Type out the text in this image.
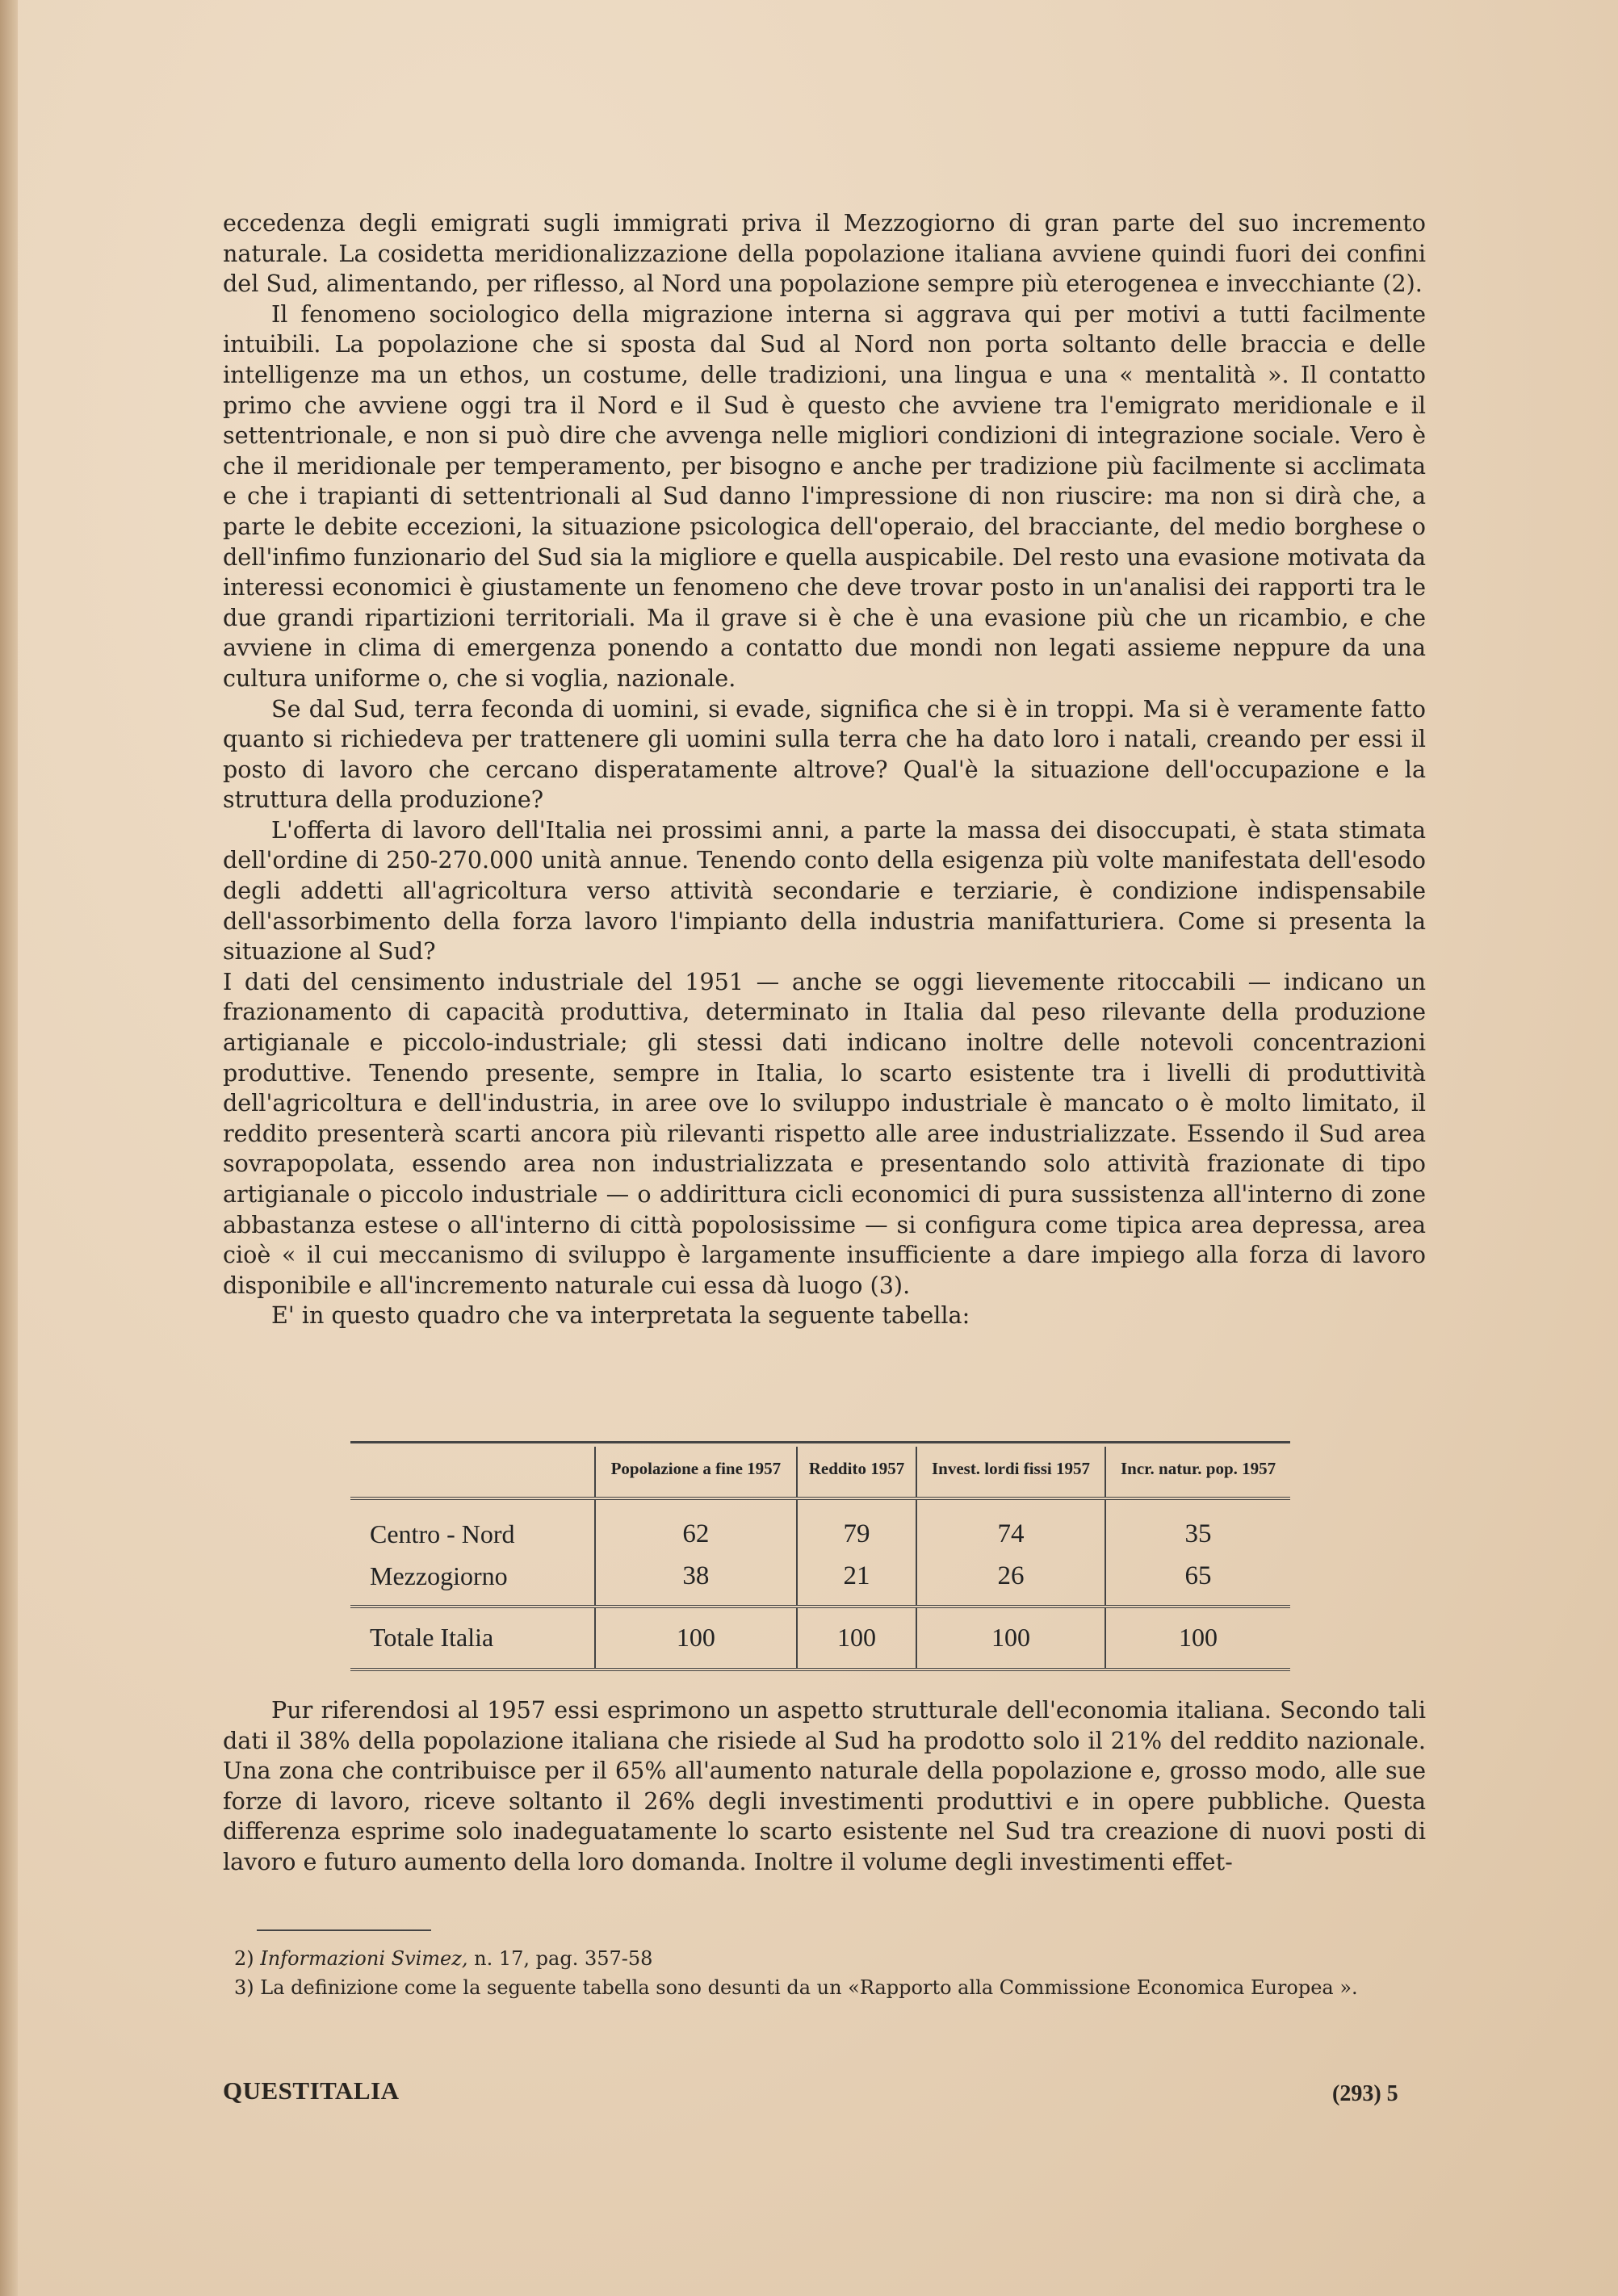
eccedenza degli emigrati sugli immigrati priva il Mezzogiorno di gran parte del suo incremento naturale. La cosidetta meridionalizzazione della popolazione italiana avviene quindi fuori dei confini del Sud, alimentando, per riflesso, al Nord una popolazione sempre più eterogenea e invecchiante (2).

Il fenomeno sociologico della migrazione interna si aggrava qui per motivi a tutti facilmente intuibili. La popolazione che si sposta dal Sud al Nord non porta soltanto delle braccia e delle intelligenze ma un ethos, un costume, delle tradizioni, una lingua e una « mentalità ». Il contatto primo che avviene oggi tra il Nord e il Sud è questo che avviene tra l'emigrato meridionale e il settentrionale, e non si può dire che avvenga nelle migliori condizioni di integrazione sociale. Vero è che il meridionale per temperamento, per bisogno e anche per tradizione più facilmente si acclimata e che i trapianti di settentrionali al Sud danno l'impressione di non riuscire: ma non si dirà che, a parte le debite eccezioni, la situazione psicologica dell'operaio, del bracciante, del medio borghese o dell'infimo funzionario del Sud sia la migliore e quella auspicabile. Del resto una evasione motivata da interessi economici è giustamente un fenomeno che deve trovar posto in un'analisi dei rapporti tra le due grandi ripartizioni territoriali. Ma il grave si è che è una evasione più che un ricambio, e che avviene in clima di emergenza ponendo a contatto due mondi non legati assieme neppure da una cultura uniforme o, che si voglia, nazionale.

Se dal Sud, terra feconda di uomini, si evade, significa che si è in troppi. Ma si è veramente fatto quanto si richiedeva per trattenere gli uomini sulla terra che ha dato loro i natali, creando per essi il posto di lavoro che cercano disperatamente altrove? Qual'è la situazione dell'occupazione e la struttura della produzione?

L'offerta di lavoro dell'Italia nei prossimi anni, a parte la massa dei disoccupati, è stata stimata dell'ordine di 250-270.000 unità annue. Tenendo conto della esigenza più volte manifestata dell'esodo degli addetti all'agricoltura verso attività secondarie e terziarie, è condizione indispensabile dell'assorbimento della forza lavoro l'impianto della industria manifatturiera. Come si presenta la situazione al Sud?

I dati del censimento industriale del 1951 — anche se oggi lievemente ritoccabili — indicano un frazionamento di capacità produttiva, determinato in Italia dal peso rilevante della produzione artigianale e piccolo-industriale; gli stessi dati indicano inoltre delle notevoli concentrazioni produttive. Tenendo presente, sempre in Italia, lo scarto esistente tra i livelli di produttività dell'agricoltura e dell'industria, in aree ove lo sviluppo industriale è mancato o è molto limitato, il reddito presenterà scarti ancora più rilevanti rispetto alle aree industrializzate. Essendo il Sud area sovrapopolata, essendo area non industrializzata e presentando solo attività frazionate di tipo artigianale o piccolo industriale — o addirittura cicli economici di pura sussistenza all'interno di zone abbastanza estese o all'interno di città popolosissime — si configura come tipica area depressa, area cioè « il cui meccanismo di sviluppo è largamente insufficiente a dare impiego alla forza di lavoro disponibile e all'incremento naturale cui essa dà luogo (3).

E' in questo quadro che va interpretata la seguente tabella:

	Popolazione a fine 1957	Reddito 1957	Invest. lordi fissi 1957	Incr. natur. pop. 1957
Centro - Nord	62	79	74	35
Mezzogiorno	38	21	26	65
Totale Italia	100	100	100	100

Pur riferendosi al 1957 essi esprimono un aspetto strutturale dell'economia italiana. Secondo tali dati il 38% della popolazione italiana che risiede al Sud ha prodotto solo il 21% del reddito nazionale. Una zona che contribuisce per il 65% all'aumento naturale della popolazione e, grosso modo, alle sue forze di lavoro, riceve soltanto il 26% degli investimenti produttivi e in opere pubbliche. Questa differenza esprime solo inadeguatamente lo scarto esistente nel Sud tra creazione di nuovi posti di lavoro e futuro aumento della loro domanda. Inoltre il volume degli investimenti effet-

2) Informazioni Svimez, n. 17, pag. 357-58

3) La definizione come la seguente tabella sono desunti da un «Rapporto alla Commissione Economica Europea ».

QUESTITALIA	(293) 5
